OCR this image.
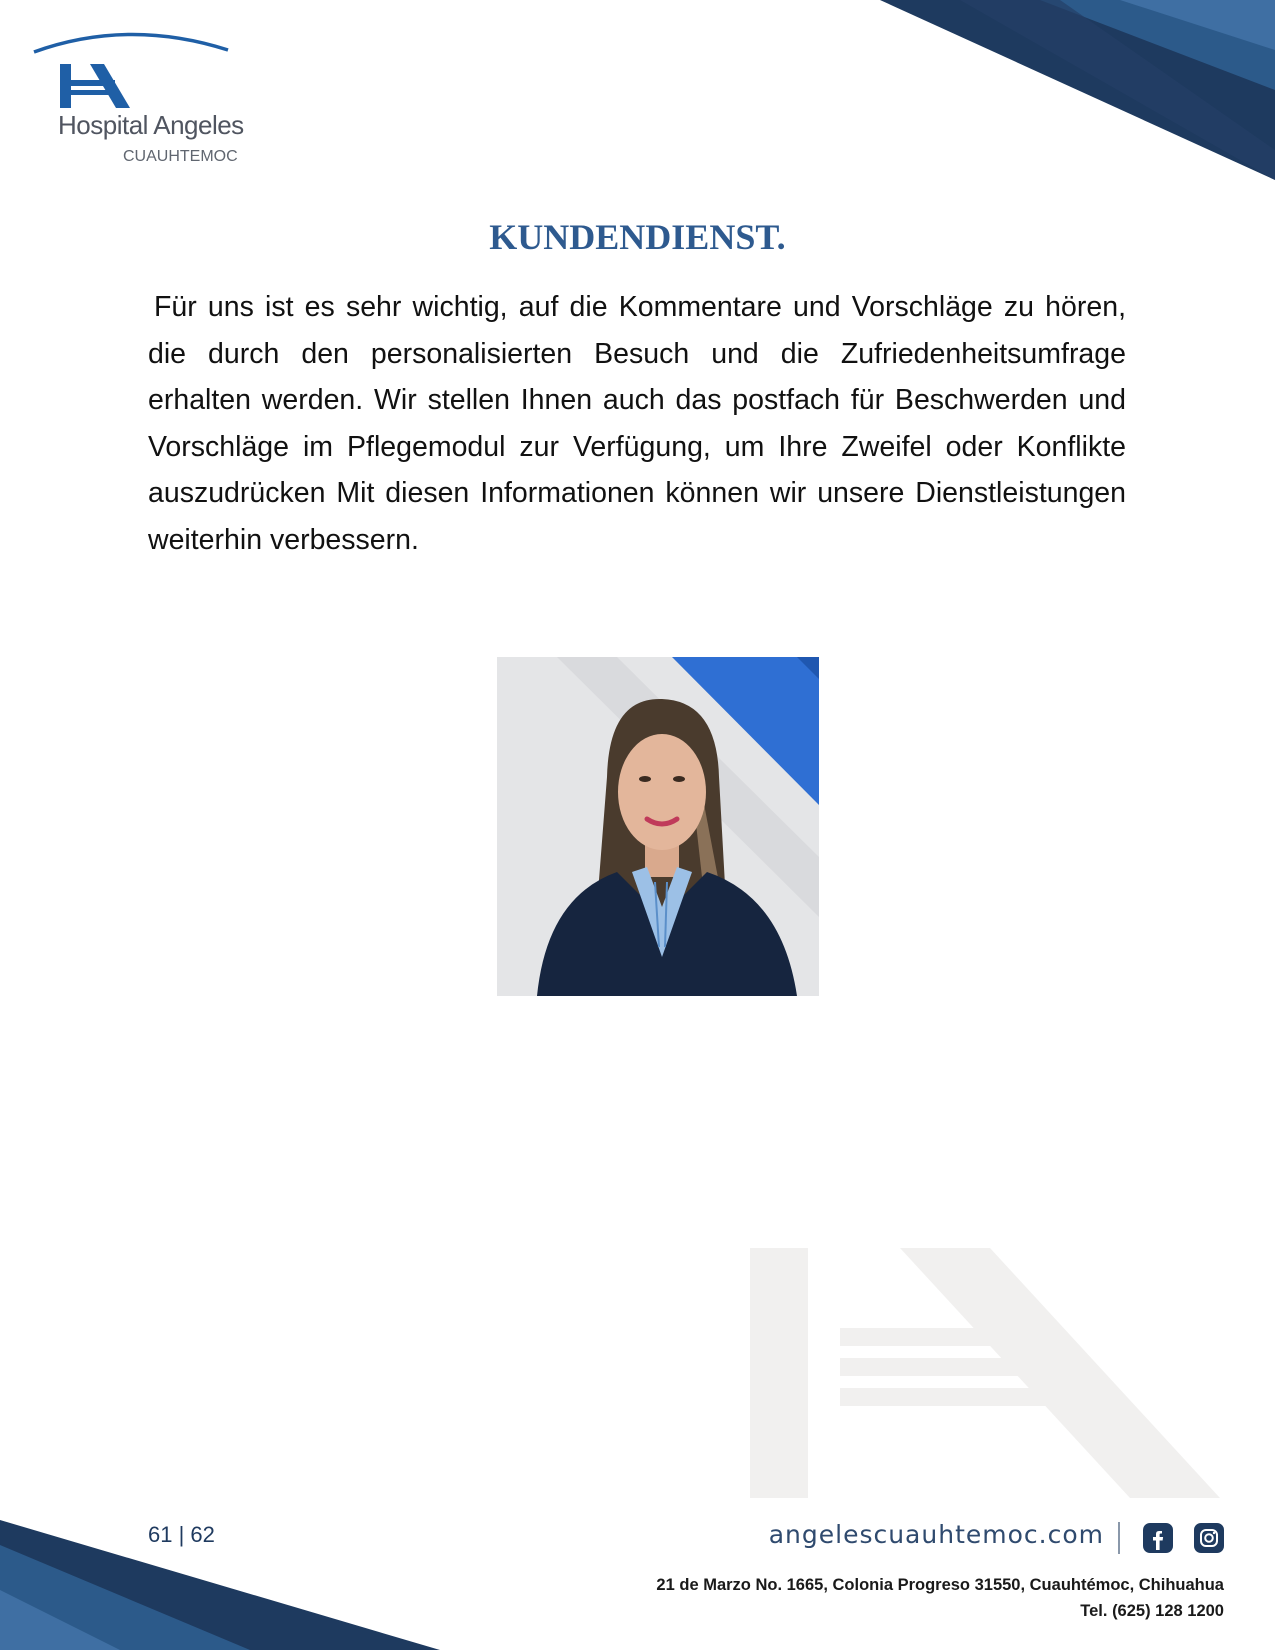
Hospital Angeles
CUAUHTEMOC
KUNDENDIENST.

Für uns ist es sehr wichtig, auf die Kommentare und Vorschläge zu hören, die durch den personalisierten Besuch und die Zufriedenheitsumfrage erhalten werden. Wir stellen Ihnen auch das postfach für Beschwerden und Vorschläge im Pflegemodul zur Verfügung, um Ihre Zweifel oder Konflikte auszudrücken Mit diesen Informationen können wir unsere Dienstleistungen weiterhin verbessern.

61 | 62	angelescuauhtemoc.com
21 de Marzo No. 1665, Colonia Progreso 31550, Cuauhtémoc, Chihuahua
Tel. (625) 128 1200
